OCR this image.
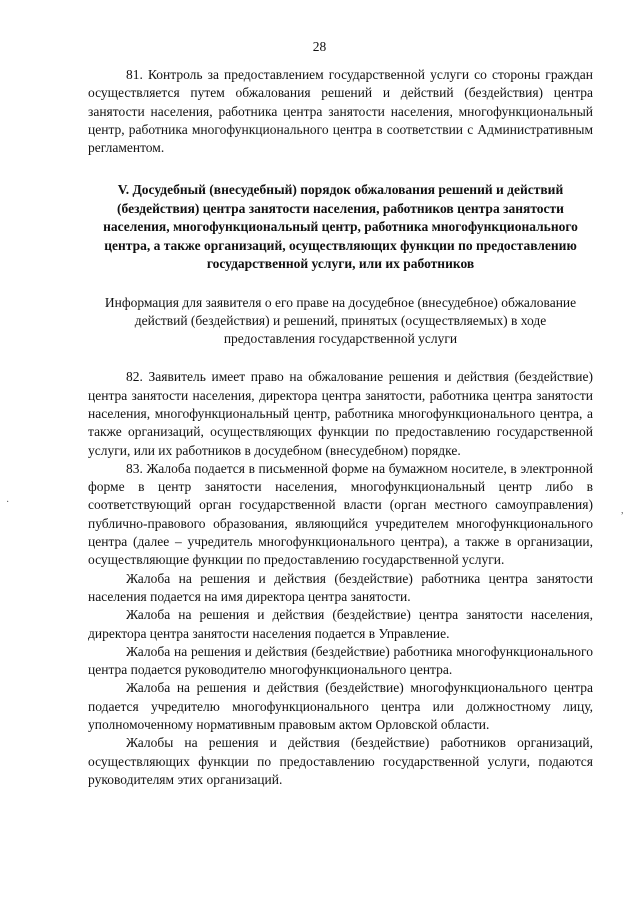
28

81. Контроль за предоставлением государственной услуги со стороны граждан осуществляется путем обжалования решений и действий (бездействия) центра занятости населения, работника центра занятости населения, многофункциональный центр, работника многофункционального центра в соответствии с Административным регламентом.

V. Досудебный (внесудебный) порядок обжалования решений и действий (бездействия) центра занятости населения, работников центра занятости населения, многофункциональный центр, работника многофункционального центра, а также организаций, осуществляющих функции по предоставлению государственной услуги, или их работников

Информация для заявителя о его праве на досудебное (внесудебное) обжалование действий (бездействия) и решений, принятых (осуществляемых) в ходе предоставления государственной услуги

82. Заявитель имеет право на обжалование решения и действия (бездействие) центра занятости населения, директора центра занятости, работника центра занятости населения, многофункциональный центр, работника многофункционального центра, а также организаций, осуществляющих функции по предоставлению государственной услуги, или их работников в досудебном (внесудебном) порядке.

83. Жалоба подается в письменной форме на бумажном носителе, в электронной форме в центр занятости населения, многофункциональный центр либо в соответствующий орган государственной власти (орган местного самоуправления) публично-правового образования, являющийся учредителем многофункционального центра (далее – учредитель многофункционального центра), а также в организации, осуществляющие функции по предоставлению государственной услуги.

Жалоба на решения и действия (бездействие) работника центра занятости населения подается на имя директора центра занятости.

Жалоба на решения и действия (бездействие) центра занятости населения, директора центра занятости населения подается в Управление.

Жалоба на решения и действия (бездействие) работника многофункционального центра подается руководителю многофункционального центра.

Жалоба на решения и действия (бездействие) многофункционального центра подается учредителю многофункционального центра или должностному лицу, уполномоченному нормативным правовым актом Орловской области.

Жалобы на решения и действия (бездействие) работников организаций, осуществляющих функции по предоставлению государственной услуги, подаются руководителям этих организаций.

·
,
